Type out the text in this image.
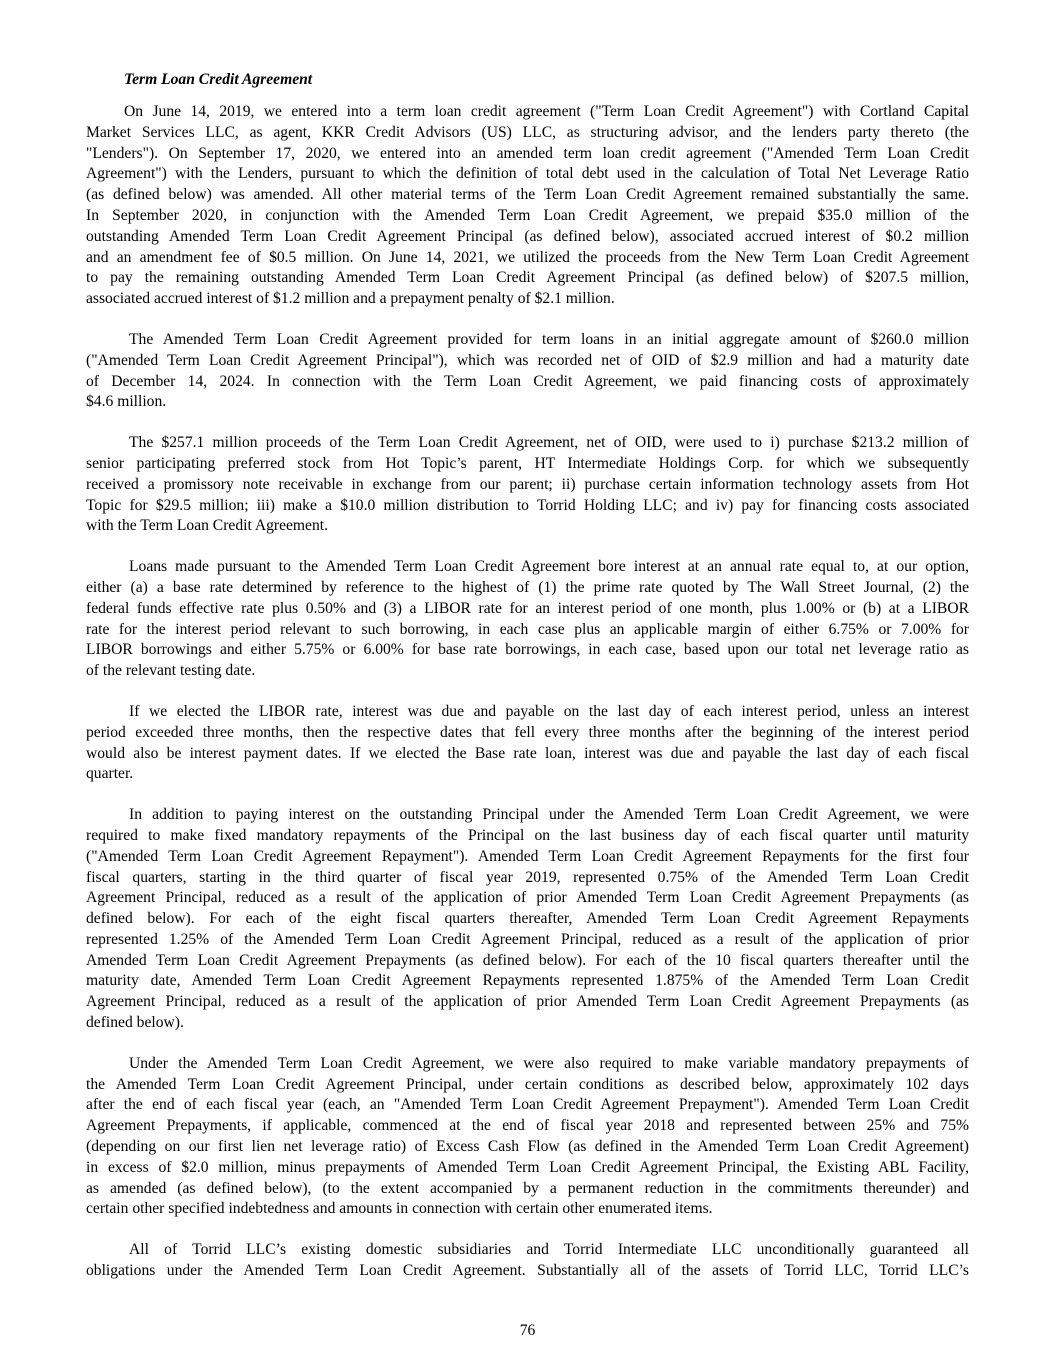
Term Loan Credit Agreement
On June 14, 2019, we entered into a term loan credit agreement ("Term Loan Credit Agreement") with Cortland Capital
Market Services LLC, as agent, KKR Credit Advisors (US) LLC, as structuring advisor, and the lenders party thereto (the
"Lenders"). On September 17, 2020, we entered into an amended term loan credit agreement ("Amended Term Loan Credit
Agreement") with the Lenders, pursuant to which the definition of total debt used in the calculation of Total Net Leverage Ratio
(as defined below) was amended. All other material terms of the Term Loan Credit Agreement remained substantially the same.
In September 2020, in conjunction with the Amended Term Loan Credit Agreement, we prepaid $35.0 million of the
outstanding Amended Term Loan Credit Agreement Principal (as defined below), associated accrued interest of $0.2 million
and an amendment fee of $0.5 million. On June 14, 2021, we utilized the proceeds from the New Term Loan Credit Agreement
to pay the remaining outstanding Amended Term Loan Credit Agreement Principal (as defined below) of $207.5 million,
associated accrued interest of $1.2 million and a prepayment penalty of $2.1 million.
The Amended Term Loan Credit Agreement provided for term loans in an initial aggregate amount of $260.0 million
("Amended Term Loan Credit Agreement Principal"), which was recorded net of OID of $2.9 million and had a maturity date
of December 14, 2024. In connection with the Term Loan Credit Agreement, we paid financing costs of approximately
$4.6 million.
The $257.1 million proceeds of the Term Loan Credit Agreement, net of OID, were used to i) purchase $213.2 million of
senior participating preferred stock from Hot Topic’s parent, HT Intermediate Holdings Corp. for which we subsequently
received a promissory note receivable in exchange from our parent; ii) purchase certain information technology assets from Hot
Topic for $29.5 million; iii) make a $10.0 million distribution to Torrid Holding LLC; and iv) pay for financing costs associated
with the Term Loan Credit Agreement.
Loans made pursuant to the Amended Term Loan Credit Agreement bore interest at an annual rate equal to, at our option,
either (a) a base rate determined by reference to the highest of (1) the prime rate quoted by The Wall Street Journal, (2) the
federal funds effective rate plus 0.50% and (3) a LIBOR rate for an interest period of one month, plus 1.00% or (b) at a LIBOR
rate for the interest period relevant to such borrowing, in each case plus an applicable margin of either 6.75% or 7.00% for
LIBOR borrowings and either 5.75% or 6.00% for base rate borrowings, in each case, based upon our total net leverage ratio as
of the relevant testing date.
If we elected the LIBOR rate, interest was due and payable on the last day of each interest period, unless an interest
period exceeded three months, then the respective dates that fell every three months after the beginning of the interest period
would also be interest payment dates. If we elected the Base rate loan, interest was due and payable the last day of each fiscal
quarter.
In addition to paying interest on the outstanding Principal under the Amended Term Loan Credit Agreement, we were
required to make fixed mandatory repayments of the Principal on the last business day of each fiscal quarter until maturity
("Amended Term Loan Credit Agreement Repayment"). Amended Term Loan Credit Agreement Repayments for the first four
fiscal quarters, starting in the third quarter of fiscal year 2019, represented 0.75% of the Amended Term Loan Credit
Agreement Principal, reduced as a result of the application of prior Amended Term Loan Credit Agreement Prepayments (as
defined below). For each of the eight fiscal quarters thereafter, Amended Term Loan Credit Agreement Repayments
represented 1.25% of the Amended Term Loan Credit Agreement Principal, reduced as a result of the application of prior
Amended Term Loan Credit Agreement Prepayments (as defined below). For each of the 10 fiscal quarters thereafter until the
maturity date, Amended Term Loan Credit Agreement Repayments represented 1.875% of the Amended Term Loan Credit
Agreement Principal, reduced as a result of the application of prior Amended Term Loan Credit Agreement Prepayments (as
defined below).
Under the Amended Term Loan Credit Agreement, we were also required to make variable mandatory prepayments of
the Amended Term Loan Credit Agreement Principal, under certain conditions as described below, approximately 102 days
after the end of each fiscal year (each, an "Amended Term Loan Credit Agreement Prepayment"). Amended Term Loan Credit
Agreement Prepayments, if applicable, commenced at the end of fiscal year 2018 and represented between 25% and 75%
(depending on our first lien net leverage ratio) of Excess Cash Flow (as defined in the Amended Term Loan Credit Agreement)
in excess of $2.0 million, minus prepayments of Amended Term Loan Credit Agreement Principal, the Existing ABL Facility,
as amended (as defined below), (to the extent accompanied by a permanent reduction in the commitments thereunder) and
certain other specified indebtedness and amounts in connection with certain other enumerated items.
All of Torrid LLC’s existing domestic subsidiaries and Torrid Intermediate LLC unconditionally guaranteed all
obligations under the Amended Term Loan Credit Agreement. Substantially all of the assets of Torrid LLC, Torrid LLC’s
76
